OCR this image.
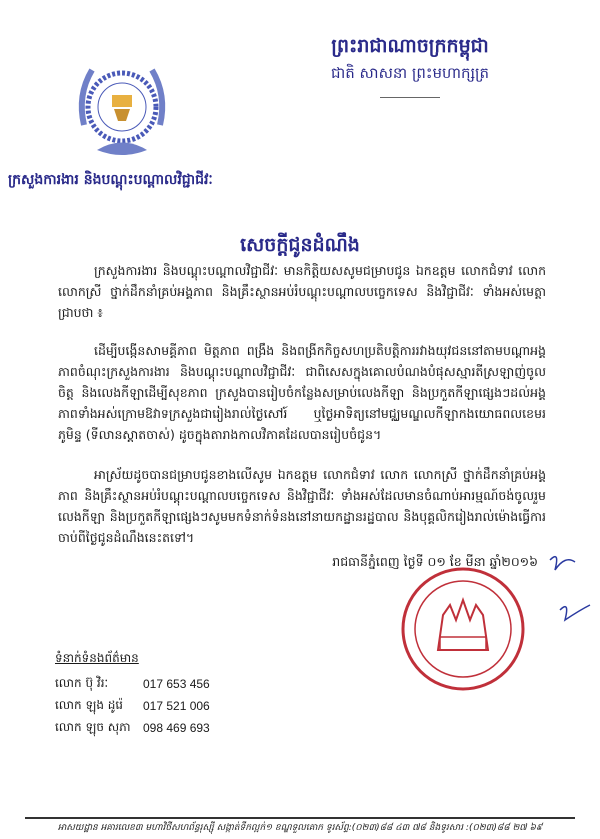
ព្រះរាជាណាចក្រកម្ពុជា
ជាតិ សាសនា ព្រះមហាក្សត្រ
ក្រសួងការងារ និងបណ្តុះបណ្តាលវិជ្ជាជីវៈ
សេចក្តីជូនដំណឹង
ក្រសួងការងារ និងបណ្តុះបណ្តាលវិជ្ជាជីវៈ មានកិត្តិយសសូមជម្រាបជូន ឯកឧត្តម លោកជំទាវ លោក លោកស្រី ថ្នាក់ដឹកនាំគ្រប់អង្គភាព និងគ្រឹះស្ថានអប់រំបណ្តុះបណ្តាលបច្ចេកទេស និងវិជ្ជាជីវៈ ទាំងអស់មេត្តាជ្រាបថា ៖
ដើម្បីបង្កើនសាមគ្គីភាព មិត្តភាព ពង្រឹង និងពង្រីកកិច្ចសហប្រតិបត្តិការរវាងយុវជននៅតាមបណ្តាអង្គភាពចំណុះក្រសួងការងារ និងបណ្តុះបណ្តាលវិជ្ជាជីវៈ ជាពិសេសក្នុងគោលបំណងបំផុសស្មារតីស្រឡាញ់ចូលចិត្ត និងលេងកីឡាដើម្បីសុខភាព ក្រសួងបានរៀបចំកន្លែងសម្រាប់លេងកីឡា និងប្រកួតកីឡាផ្សេងៗដល់អង្គភាពទាំងអស់ក្រោមឱវាទក្រសួងជារៀងរាល់ថ្ងៃសៅរ៍ ឬថ្ងៃអាទិត្យនៅមជ្ឈមណ្ឌលកីឡាកងយោធពលខេមរភូមិន្ទ (ទីលានស្តាតចាស់) ដូចក្នុងតារាងកាលវិភាគដែលបានរៀបចំជូន។
អាស្រ័យដូចបានជម្រាបជូនខាងលើសូម ឯកឧត្តម លោកជំទាវ លោក លោកស្រី ថ្នាក់ដឹកនាំគ្រប់អង្គភាព និងគ្រឹះស្ថានអប់រំបណ្តុះបណ្តាលបច្ចេកទេស និងវិជ្ជាជីវៈ ទាំងអស់ដែលមានចំណាប់អារម្មណ៍ចង់ចូលរួមលេងកីឡា និងប្រកួតកីឡាផ្សេងៗសូមមកទំនាក់ទំនងនៅនាយកដ្ឋានរដ្ឋបាល និងបុគ្គលិករៀងរាល់ម៉ោងធ្វើការ ចាប់ពីថ្ងៃជូនដំណឹងនេះតទៅ។
រាជធានីភ្នំពេញ ថ្ងៃទី ០១ ខែ មីនា ឆ្នាំ២០១៦
ទំនាក់ទំនងព័ត៌មាន
លោក ប៊ុ វិរៈ	017 653 456
លោក ឡុង ដូរ៉េ	017 521 006
លោក ឡុច សុភា	098 469 693
អាសយដ្ឋាន អគារលេខ៣ មហាវិថីសហព័ន្ធរុស្ស៊ី សង្កាត់ទឹកល្អក់១ ខណ្ឌទួលគោក ទូរស័ព្ទ:(០២៣)៨៨ ៤៣ ៧៨ និងទូរសារ :(០២៣)៨៨ ២៧ ៦៩
